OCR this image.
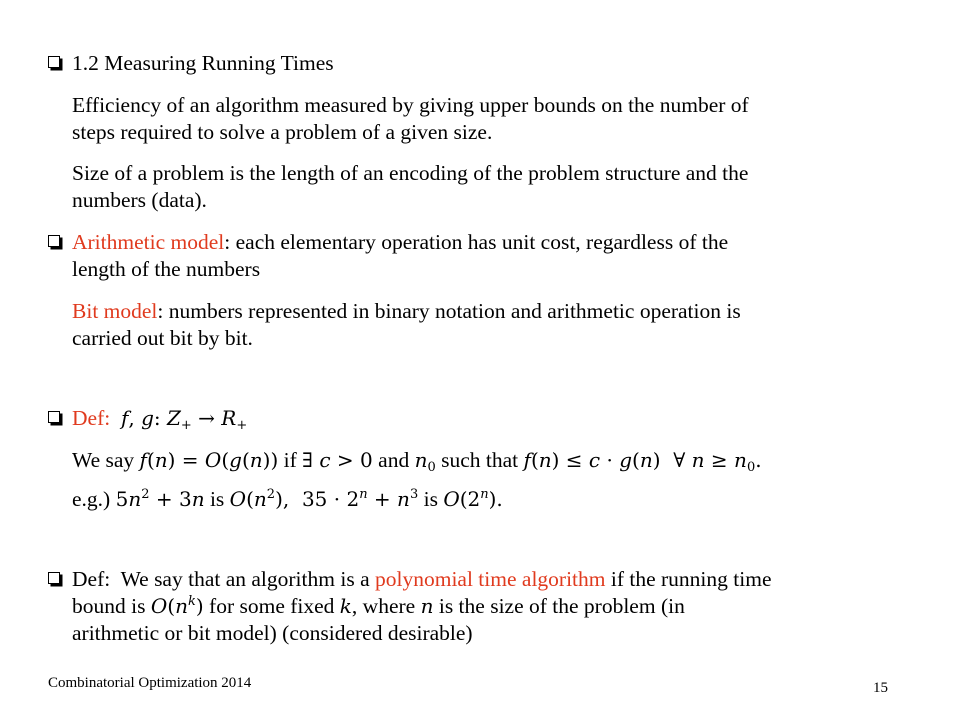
1.2 Measuring Running Times
Efficiency of an algorithm measured by giving upper bounds on the number of
steps required to solve a problem of a given size.
Size of a problem is the length of an encoding of the problem structure and the
numbers (data).
Arithmetic model: each elementary operation has unit cost, regardless of the
length of the numbers
Bit model: numbers represented in binary notation and arithmetic operation is
carried out bit by bit.
Def: f, g: $Z_+ \to R_+$
We say f(n) = O(g(n)) if ∃ c > 0 and $n_0$ such that f(n) ≤ c · g(n)  ∀ $n \ge n_0$.
e.g.) $5n^2 + 3n$ is $O(n^2)$,  $35 \cdot 2^n + n^3$ is O(2$^n$).
Def: We say that an algorithm is a polynomial time algorithm if the running time
bound is $O(n^k)$ for some fixed k, where n is the size of the problem (in
arithmetic or bit model) (considered desirable)
Combinatorial Optimization 2014	15
